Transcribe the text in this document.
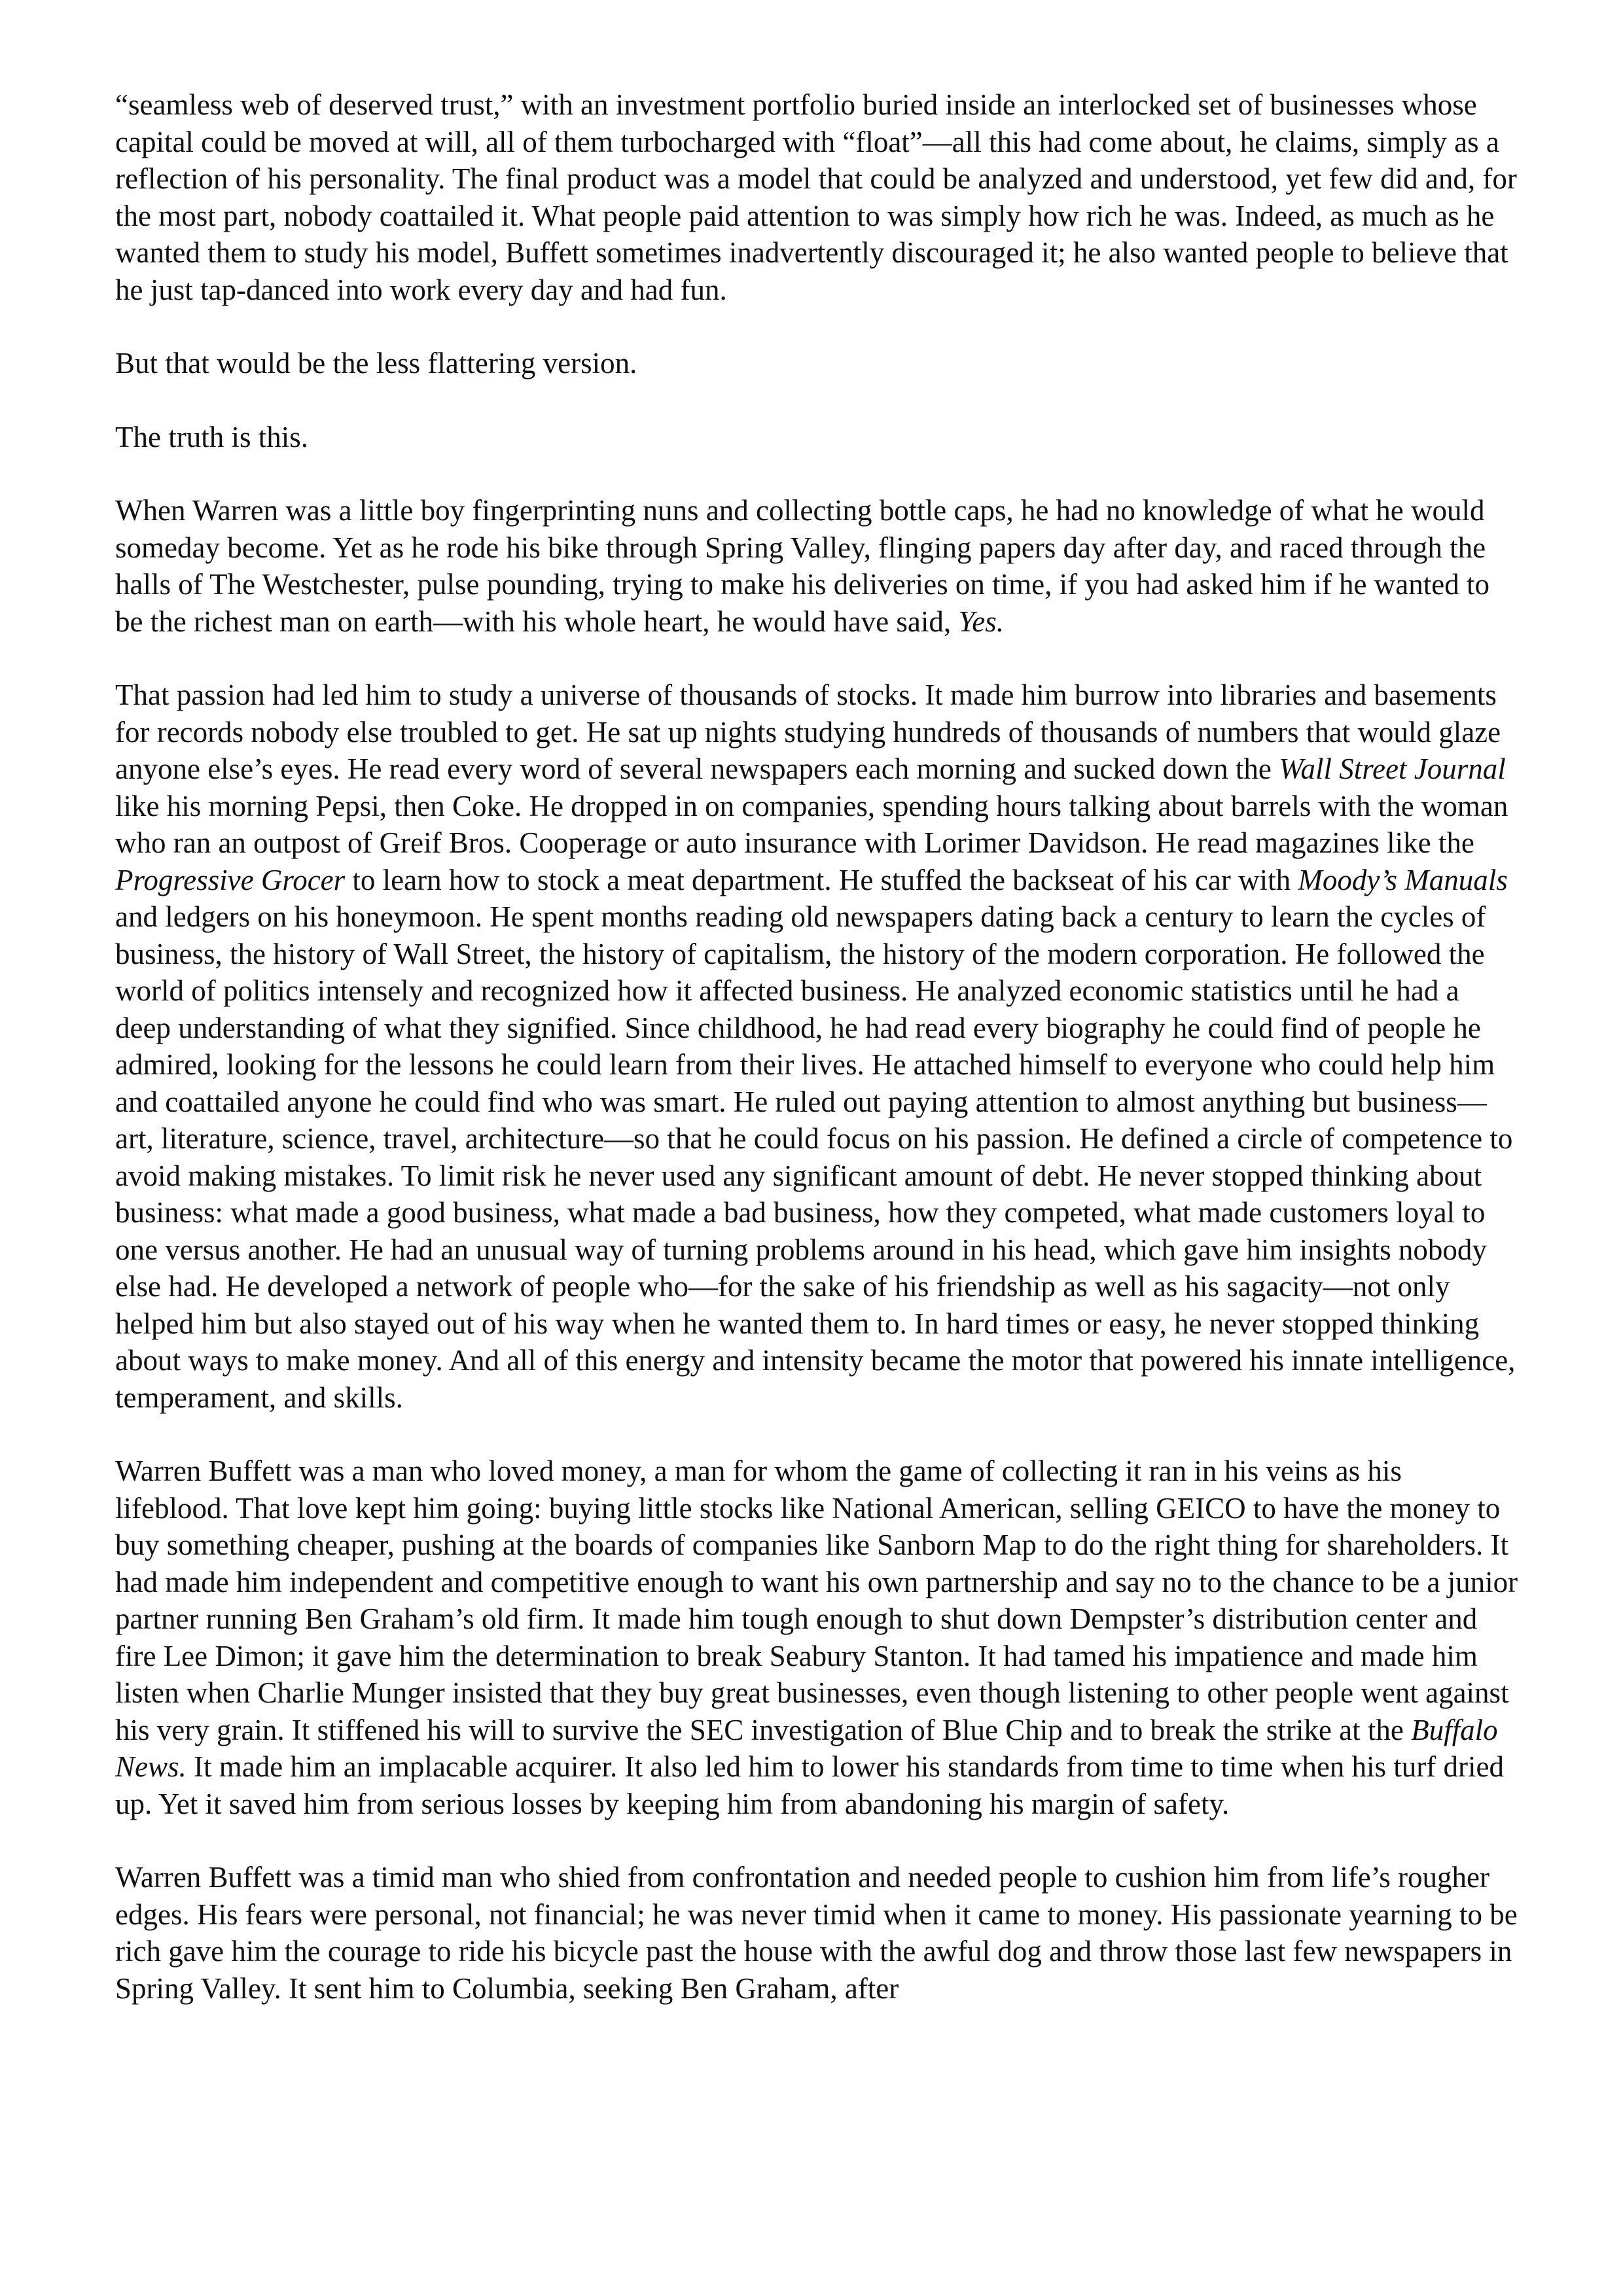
“seamless web of deserved trust,” with an investment portfolio buried inside an interlocked set of businesses whose capital could be moved at will, all of them turbocharged with “float”—all this had come about, he claims, simply as a reflection of his personality. The final product was a model that could be analyzed and understood, yet few did and, for the most part, nobody coattailed it. What people paid attention to was simply how rich he was. Indeed, as much as he wanted them to study his model, Buffett sometimes inadvertently discouraged it; he also wanted people to believe that he just tap-danced into work every day and had fun.

But that would be the less flattering version.

The truth is this.

When Warren was a little boy fingerprinting nuns and collecting bottle caps, he had no knowledge of what he would someday become. Yet as he rode his bike through Spring Valley, flinging papers day after day, and raced through the halls of The Westchester, pulse pounding, trying to make his deliveries on time, if you had asked him if he wanted to be the richest man on earth—with his whole heart, he would have said, Yes.

That passion had led him to study a universe of thousands of stocks. It made him burrow into libraries and basements for records nobody else troubled to get. He sat up nights studying hundreds of thousands of numbers that would glaze anyone else’s eyes. He read every word of several newspapers each morning and sucked down the Wall Street Journal like his morning Pepsi, then Coke. He dropped in on companies, spending hours talking about barrels with the woman who ran an outpost of Greif Bros. Cooperage or auto insurance with Lorimer Davidson. He read magazines like the Progressive Grocer to learn how to stock a meat department. He stuffed the backseat of his car with Moody’s Manuals and ledgers on his honeymoon. He spent months reading old newspapers dating back a century to learn the cycles of business, the history of Wall Street, the history of capitalism, the history of the modern corporation. He followed the world of politics intensely and recognized how it affected business. He analyzed economic statistics until he had a deep understanding of what they signified. Since childhood, he had read every biography he could find of people he admired, looking for the lessons he could learn from their lives. He attached himself to everyone who could help him and coattailed anyone he could find who was smart. He ruled out paying attention to almost anything but business—art, literature, science, travel, architecture—so that he could focus on his passion. He defined a circle of competence to avoid making mistakes. To limit risk he never used any significant amount of debt. He never stopped thinking about business: what made a good business, what made a bad business, how they competed, what made customers loyal to one versus another. He had an unusual way of turning problems around in his head, which gave him insights nobody else had. He developed a network of people who—for the sake of his friendship as well as his sagacity—not only helped him but also stayed out of his way when he wanted them to. In hard times or easy, he never stopped thinking about ways to make money. And all of this energy and intensity became the motor that powered his innate intelligence, temperament, and skills.

Warren Buffett was a man who loved money, a man for whom the game of collecting it ran in his veins as his lifeblood. That love kept him going: buying little stocks like National American, selling GEICO to have the money to buy something cheaper, pushing at the boards of companies like Sanborn Map to do the right thing for shareholders. It had made him independent and competitive enough to want his own partnership and say no to the chance to be a junior partner running Ben Graham’s old firm. It made him tough enough to shut down Dempster’s distribution center and fire Lee Dimon; it gave him the determination to break Seabury Stanton. It had tamed his impatience and made him listen when Charlie Munger insisted that they buy great businesses, even though listening to other people went against his very grain. It stiffened his will to survive the SEC investigation of Blue Chip and to break the strike at the Buffalo News. It made him an implacable acquirer. It also led him to lower his standards from time to time when his turf dried up. Yet it saved him from serious losses by keeping him from abandoning his margin of safety.

Warren Buffett was a timid man who shied from confrontation and needed people to cushion him from life’s rougher edges. His fears were personal, not financial; he was never timid when it came to money. His passionate yearning to be rich gave him the courage to ride his bicycle past the house with the awful dog and throw those last few newspapers in Spring Valley. It sent him to Columbia, seeking Ben Graham, after
